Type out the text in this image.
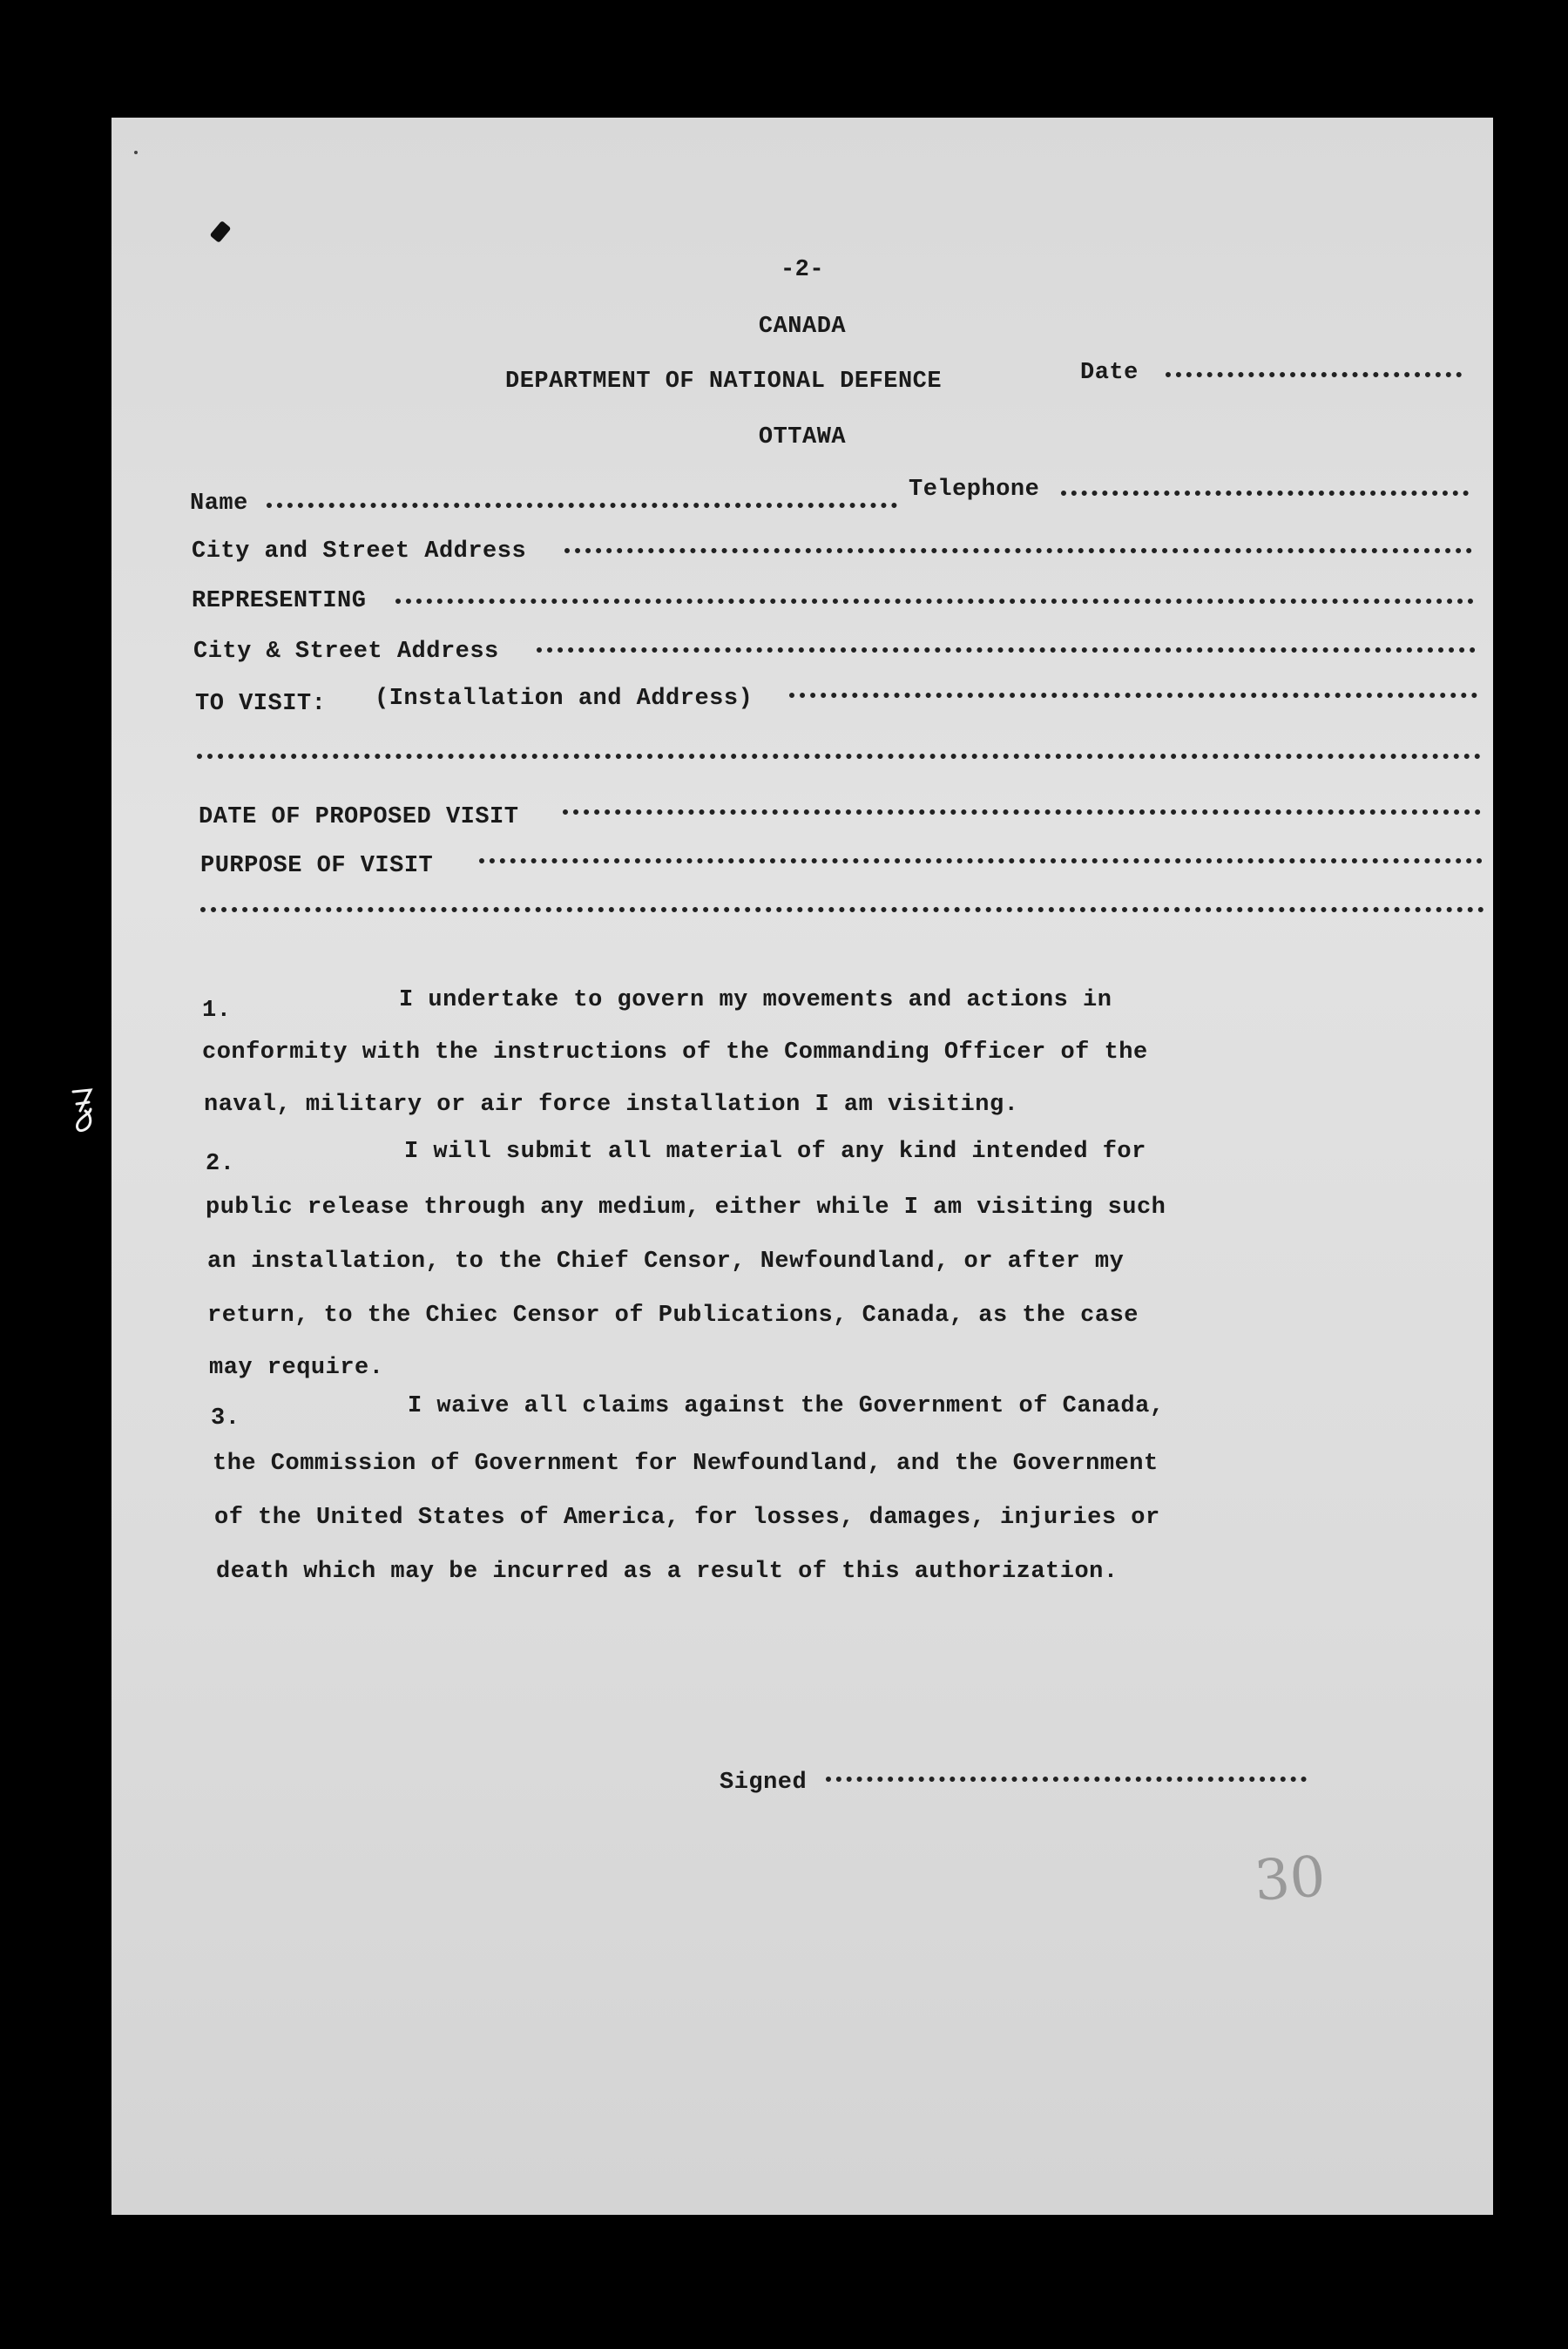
-2-
CANADA
DEPARTMENT OF NATIONAL DEFENCE	Date
OTTAWA
Name
Telephone
City and Street Address
REPRESENTING
City & Street Address
TO VISIT: (Installation and Address)
DATE OF PROPOSED VISIT
PURPOSE OF VISIT
1.	I undertake to govern my movements and actions in
conformity with the instructions of the Commanding Officer of the
naval, military or air force installation I am visiting.
2.	I will submit all material of any kind intended for
public release through any medium, either while I am visiting such
an installation, to the Chief Censor, Newfoundland, or after my
return, to the Chiec Censor of Publications, Canada, as the case
may require.
3.	I waive all claims against the Government of Canada,
the Commission of Government for Newfoundland, and the Government
of the United States of America, for losses, damages, injuries or
death which may be incurred as a result of this authorization.
Signed
30
